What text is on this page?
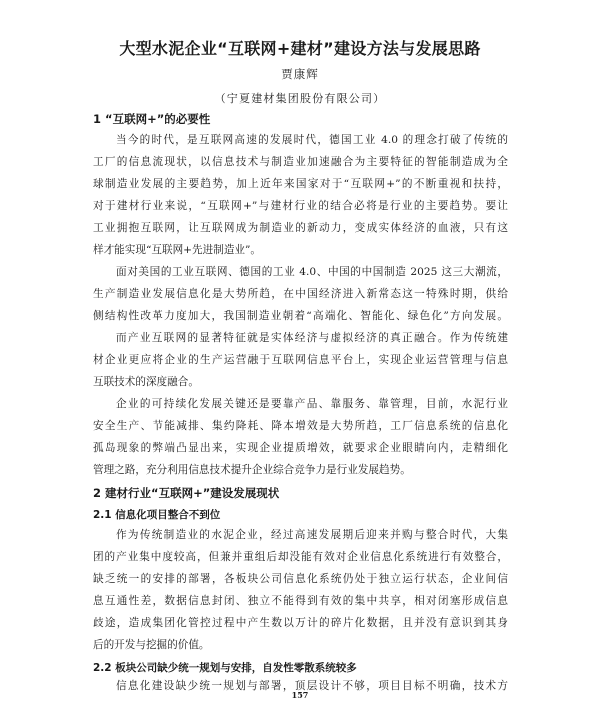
大型水泥企业“互联网+建材”建设方法与发展思路
贾康辉
（宁夏建材集团股份有限公司）
1 “互联网+”的必要性
当今的时代，是互联网高速的发展时代，德国工业 4.0 的理念打破了传统的
工厂的信息流现状，以信息技术与制造业加速融合为主要特征的智能制造成为全
球制造业发展的主要趋势，加上近年来国家对于“互联网+”的不断重视和扶持，
对于建材行业来说，“互联网+”与建材行业的结合必将是行业的主要趋势。要让
工业拥抱互联网，让互联网成为制造业的新动力，变成实体经济的血液，只有这
样才能实现“互联网+先进制造业”。
面对美国的工业互联网、德国的工业 4.0、中国的中国制造 2025 这三大潮流，
生产制造业发展信息化是大势所趋，在中国经济进入新常态这一特殊时期，供给
侧结构性改革力度加大，我国制造业朝着“高端化、智能化、绿色化”方向发展。
而产业互联网的显著特征就是实体经济与虚拟经济的真正融合。作为传统建
材企业更应将企业的生产运营融于互联网信息平台上，实现企业运营管理与信息
互联技术的深度融合。
企业的可持续化发展关键还是要靠产品、靠服务、靠管理，目前，水泥行业
安全生产、节能减排、集约降耗、降本增效是大势所趋，工厂信息系统的信息化
孤岛现象的弊端凸显出来，实现企业提质增效，就要求企业眼睛向内，走精细化
管理之路，充分利用信息技术提升企业综合竞争力是行业发展趋势。
2 建材行业“互联网+”建设发展现状
2.1 信息化项目整合不到位
作为传统制造业的水泥企业，经过高速发展期后迎来并购与整合时代，大集
团的产业集中度较高，但兼并重组后却没能有效对企业信息化系统进行有效整合，
缺乏统一的安排的部署，各板块公司信息化系统仍处于独立运行状态，企业间信
息互通性差，数据信息封闭、独立不能得到有效的集中共享，相对闭塞形成信息
歧途，造成集团化管控过程中产生数以万计的碎片化数据，且并没有意识到其身
后的开发与挖掘的价值。
2.2 板块公司缺少统一规划与安排，自发性零散系统较多
信息化建设缺少统一规划与部署，顶层设计不够，项目目标不明确，技术方
157
